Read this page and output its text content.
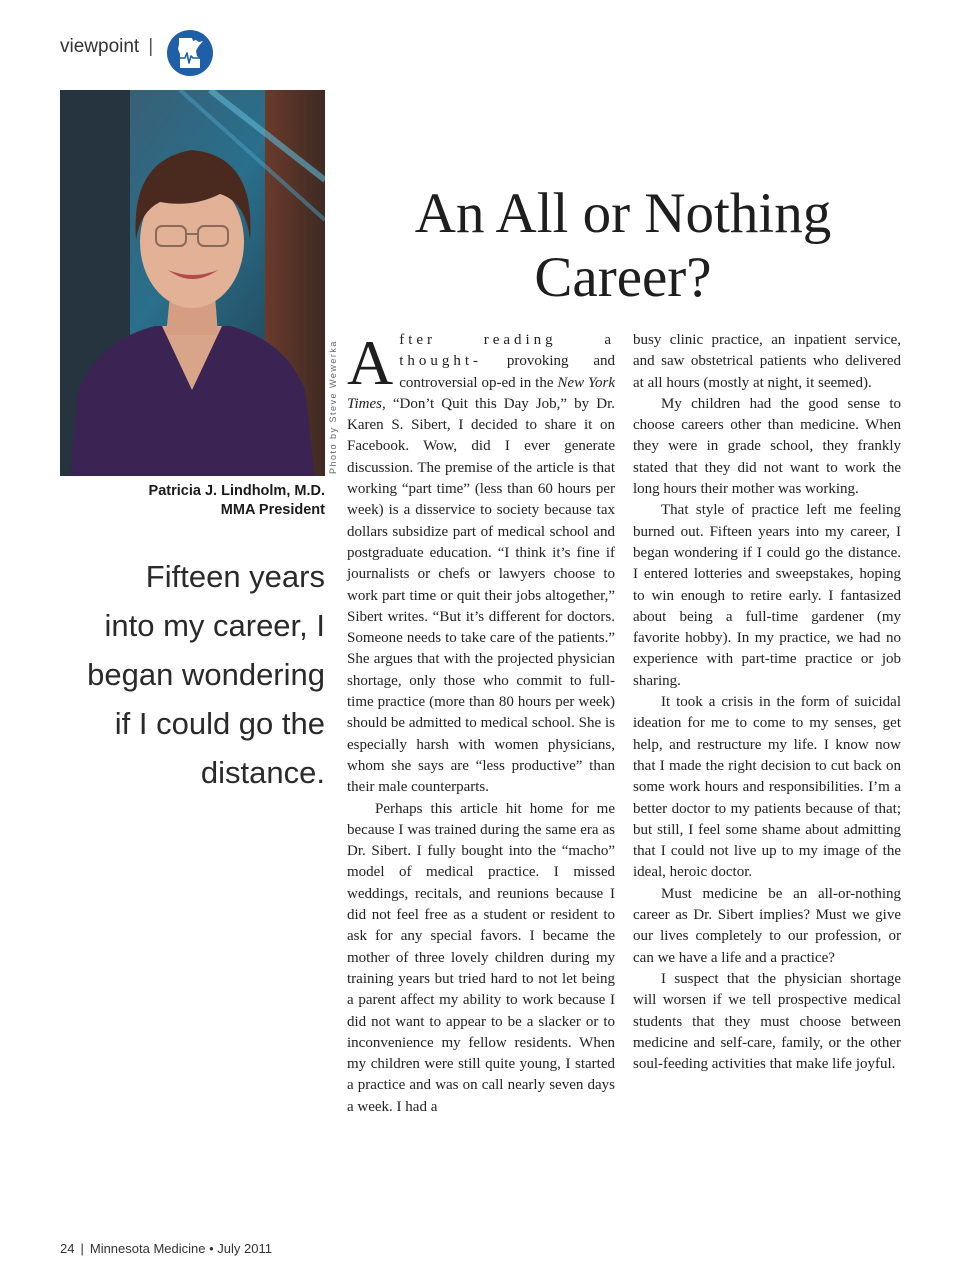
viewpoint |
Photo by Steve Wewerka
Patricia J. Lindholm, M.D.
MMA President
Fifteen years
into my career, I
began wondering
if I could go the
distance.
An All or Nothing
Career?

After reading a thought- provoking and controversial op-ed in the New York Times, “Don’t Quit this Day Job,” by Dr. Karen S. Sibert, I decided to share it on Facebook. Wow, did I ever generate discussion. The premise of the article is that working “part time” (less than 60 hours per week) is a disservice to society because tax dollars subsidize part of medical school and postgraduate education. “I think it’s fine if journalists or chefs or lawyers choose to work part time or quit their jobs altogether,” Sibert writes. “But it’s different for doctors. Someone needs to take care of the patients.” She argues that with the projected physician shortage, only those who commit to full-time practice (more than 80 hours per week) should be admitted to medical school. She is especially harsh with women physicians, whom she says are “less productive” than their male counterparts.

Perhaps this article hit home for me because I was trained during the same era as Dr. Sibert. I fully bought into the “macho” model of medical practice. I missed weddings, recitals, and reunions because I did not feel free as a student or resident to ask for any special favors. I became the mother of three lovely children during my training years but tried hard to not let being a parent affect my ability to work because I did not want to appear to be a slacker or to inconvenience my fellow residents. When my children were still quite young, I started a practice and was on call nearly seven days a week. I had a

busy clinic practice, an inpatient service, and saw obstetrical patients who delivered at all hours (mostly at night, it seemed).

My children had the good sense to choose careers other than medicine. When they were in grade school, they frankly stated that they did not want to work the long hours their mother was working.

That style of practice left me feeling burned out. Fifteen years into my career, I began wondering if I could go the distance. I entered lotteries and sweepstakes, hoping to win enough to retire early. I fantasized about being a full-time gardener (my favorite hobby). In my practice, we had no experience with part-time practice or job sharing.

It took a crisis in the form of suicidal ideation for me to come to my senses, get help, and restructure my life. I know now that I made the right decision to cut back on some work hours and responsibilities. I’m a better doctor to my patients because of that; but still, I feel some shame about admitting that I could not live up to my image of the ideal, heroic doctor.

Must medicine be an all-or-nothing career as Dr. Sibert implies? Must we give our lives completely to our profession, or can we have a life and a practice?

I suspect that the physician shortage will worsen if we tell prospective medical students that they must choose between medicine and self-care, family, or the other soul-feeding activities that make life joyful.

24 | Minnesota Medicine • July 2011
